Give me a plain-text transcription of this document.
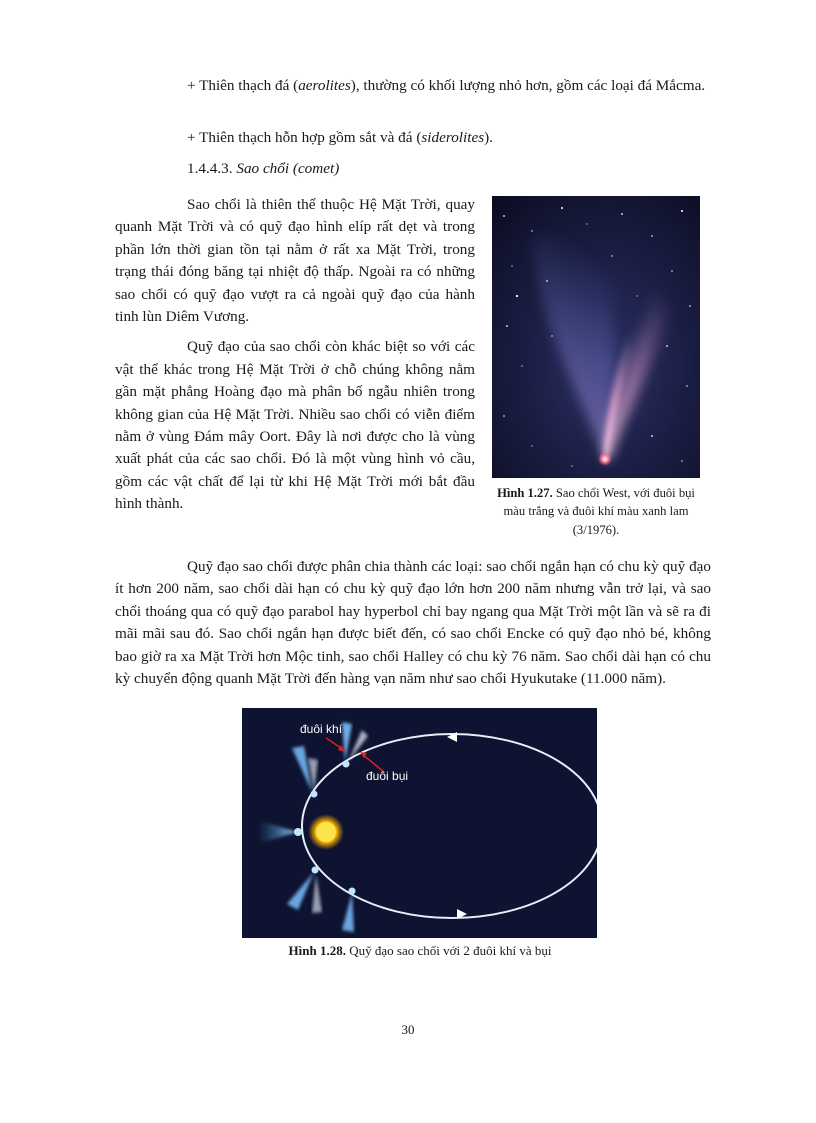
+ Thiên thạch đá (aerolites), thường có khối lượng nhỏ hơn, gồm các loại đá Mắcma.

+ Thiên thạch hỗn hợp gồm sắt và đá (siderolites).

1.4.4.3. Sao chổi (comet)

Sao chổi là thiên thể thuộc Hệ Mặt Trời, quay quanh Mặt Trời và có quỹ đạo hình elíp rất dẹt và trong phần lớn thời gian tồn tại nằm ở rất xa Mặt Trời, trong trạng thái đóng băng tại nhiệt độ thấp. Ngoài ra có những sao chổi có quỹ đạo vượt ra cả ngoài quỹ đạo của hành tinh lùn Diêm Vương.

Quỹ đạo của sao chổi còn khác biệt so với các vật thể khác trong Hệ Mặt Trời ở chỗ chúng không nằm gần mặt phẳng Hoàng đạo mà phân bố ngẫu nhiên trong không gian của Hệ Mặt Trời. Nhiều sao chổi có viễn điểm nằm ở vùng Đám mây Oort. Đây là nơi được cho là vùng xuất phát của các sao chổi. Đó là một vùng hình vỏ cầu, gồm các vật chất để lại từ khi Hệ Mặt Trời mới bắt đầu hình thành.

Hình 1.27. Sao chổi West, với đuôi bụi màu trắng và đuôi khí màu xanh lam (3/1976).

Quỹ đạo sao chổi được phân chia thành các loại: sao chổi ngắn hạn có chu kỳ quỹ đạo ít hơn 200 năm, sao chổi dài hạn có chu kỳ quỹ đạo lớn hơn 200 năm nhưng vẫn trở lại, và sao chổi thoáng qua có quỹ đạo parabol hay hyperbol chỉ bay ngang qua Mặt Trời một lần và sẽ ra đi mãi mãi sau đó. Sao chổi ngắn hạn được biết đến, có sao chổi Encke có quỹ đạo nhỏ bé, không bao giờ ra xa Mặt Trời hơn Mộc tinh, sao chổi Halley có chu kỳ 76 năm. Sao chổi dài hạn có chu kỳ chuyển động quanh Mặt Trời đến hàng vạn năm như sao chổi Hyukutake (11.000 năm).

đuôi khí
đuôi bụi
Hình 1.28. Quỹ đạo sao chổi với 2 đuôi khí và bụi
30
